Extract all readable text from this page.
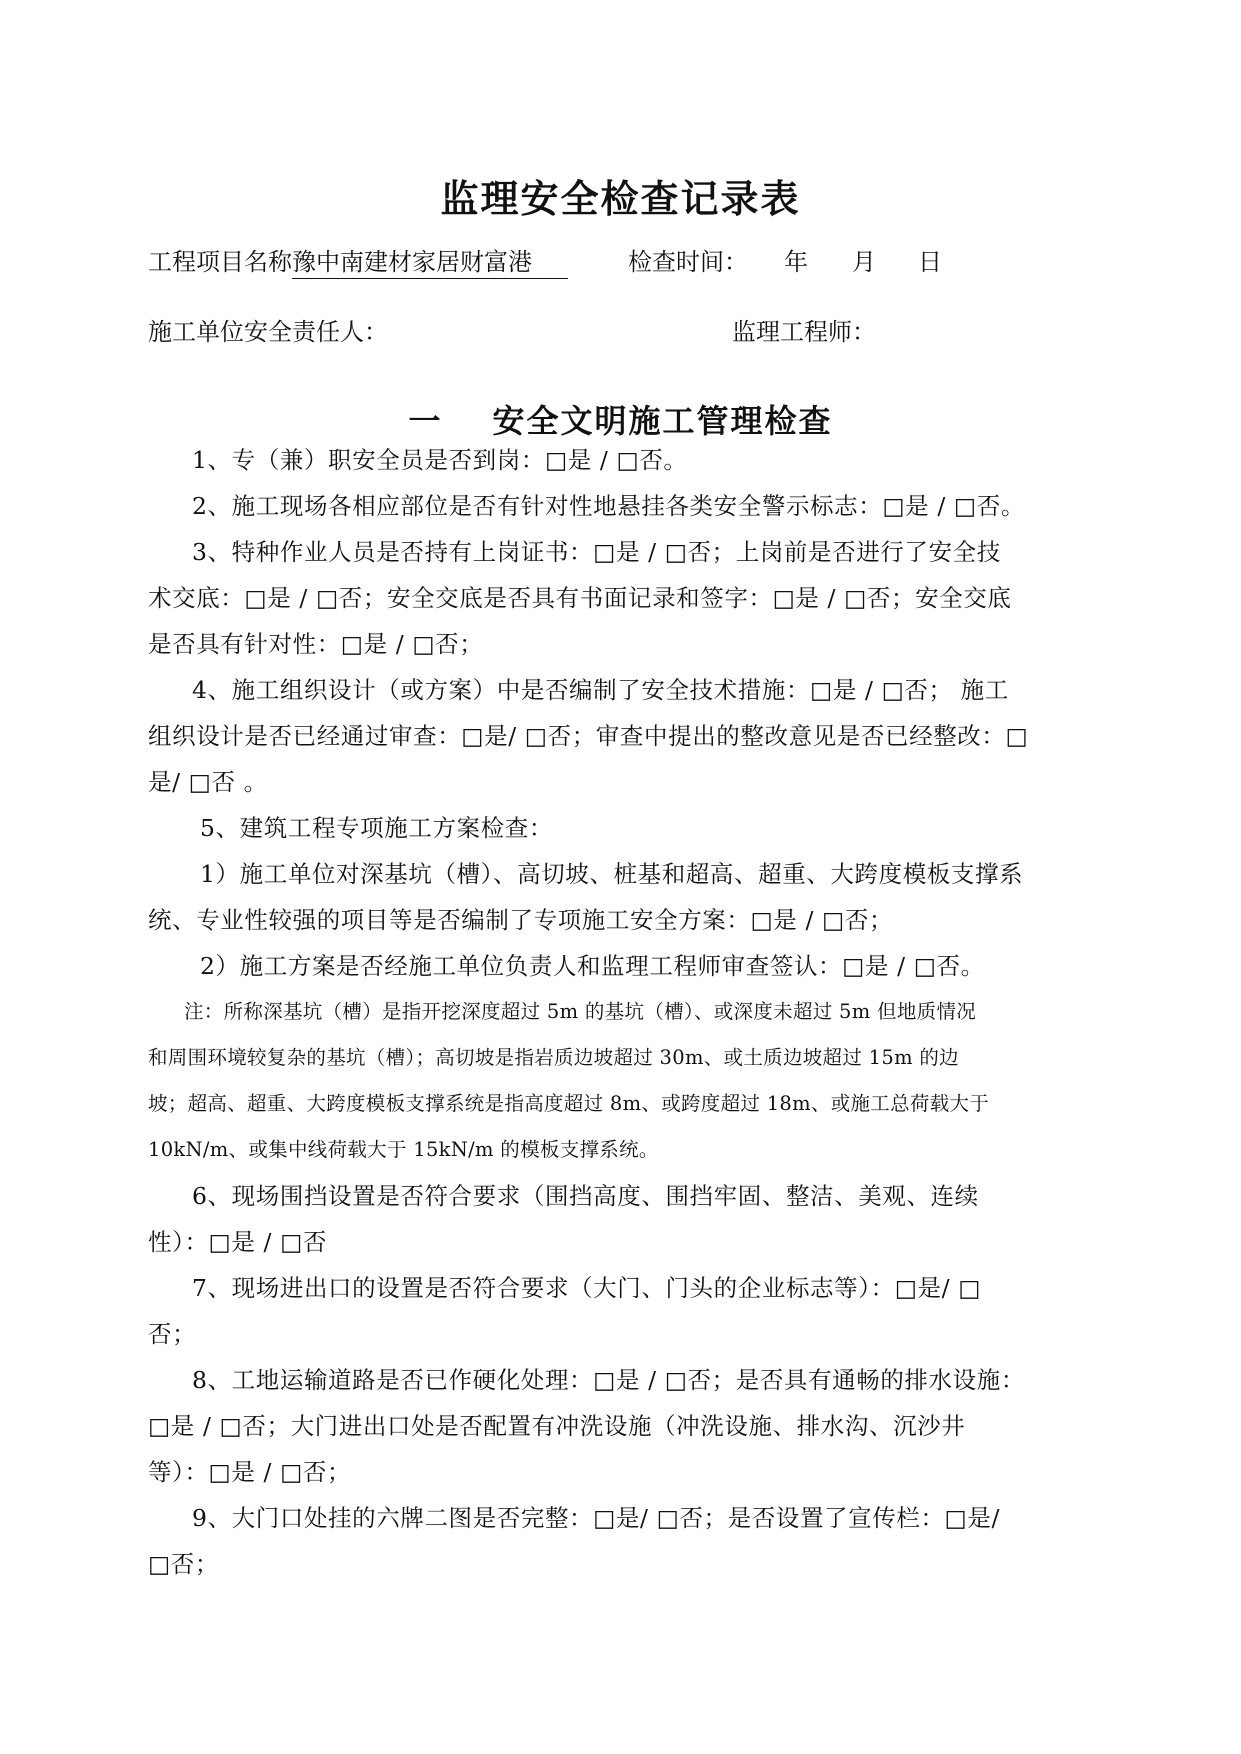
监理安全检查记录表
工程项目名称豫中南建材家居财富港	检查时间： 年 月 日
施工单位安全责任人：	监理工程师：
一 安全文明施工管理检查
1、专（兼）职安全员是否到岗：□是 / □否。
2、施工现场各相应部位是否有针对性地悬挂各类安全警示标志：□是 / □否。
3、特种作业人员是否持有上岗证书：□是 / □否；上岗前是否进行了安全技
术交底：□是 / □否；安全交底是否具有书面记录和签字：□是 / □否；安全交底
是否具有针对性：□是 / □否；
4、施工组织设计（或方案）中是否编制了安全技术措施：□是 / □否； 施工
组织设计是否已经通过审查：□是/ □否；审查中提出的整改意见是否已经整改：□
是/ □否 。
5、建筑工程专项施工方案检查：
1）施工单位对深基坑（槽）、高切坡、桩基和超高、超重、大跨度模板支撑系
统、专业性较强的项目等是否编制了专项施工安全方案：□是 / □否；
2）施工方案是否经施工单位负责人和监理工程师审查签认：□是 / □否。
注：所称深基坑（槽）是指开挖深度超过 5m 的基坑（槽）、或深度未超过 5m 但地质情况
和周围环境较复杂的基坑（槽）；高切坡是指岩质边坡超过 30m、或土质边坡超过 15m 的边
坡；超高、超重、大跨度模板支撑系统是指高度超过 8m、或跨度超过 18m、或施工总荷载大于
10kN/m、或集中线荷载大于 15kN/m 的模板支撑系统。
6、现场围挡设置是否符合要求（围挡高度、围挡牢固、整洁、美观、连续
性）：□是 / □否
7、现场进出口的设置是否符合要求（大门、门头的企业标志等）：□是/ □
否；
8、工地运输道路是否已作硬化处理：□是 / □否；是否具有通畅的排水设施：
□是 / □否；大门进出口处是否配置有冲洗设施（冲洗设施、排水沟、沉沙井
等）：□是 / □否；
9、大门口处挂的六牌二图是否完整：□是/ □否；是否设置了宣传栏：□是/
□否；
